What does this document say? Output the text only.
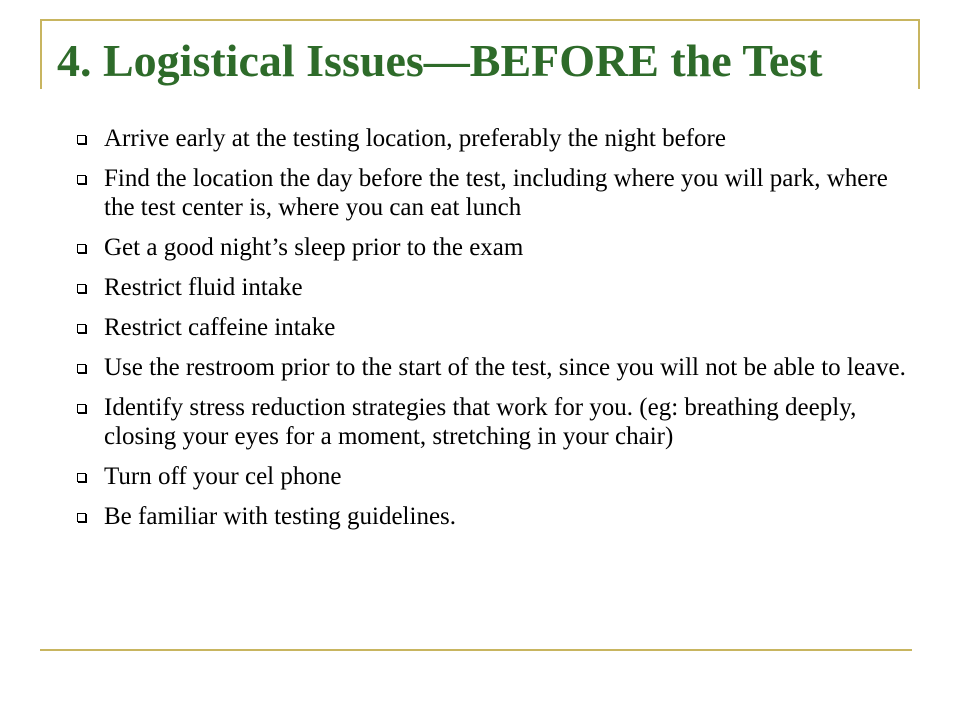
4. Logistical Issues—BEFORE the Test
Arrive early at the testing location, preferably the night before
Find the location the day before the test, including where you will park, where the test center is, where you can eat lunch
Get a good night’s sleep prior to the exam
Restrict fluid intake
Restrict caffeine intake
Use the restroom prior to the start of the test, since you will not be able to leave.
Identify stress reduction strategies that work for you. (eg: breathing deeply, closing your eyes for a moment, stretching in your chair)
Turn off your cel phone
Be familiar with testing guidelines.
